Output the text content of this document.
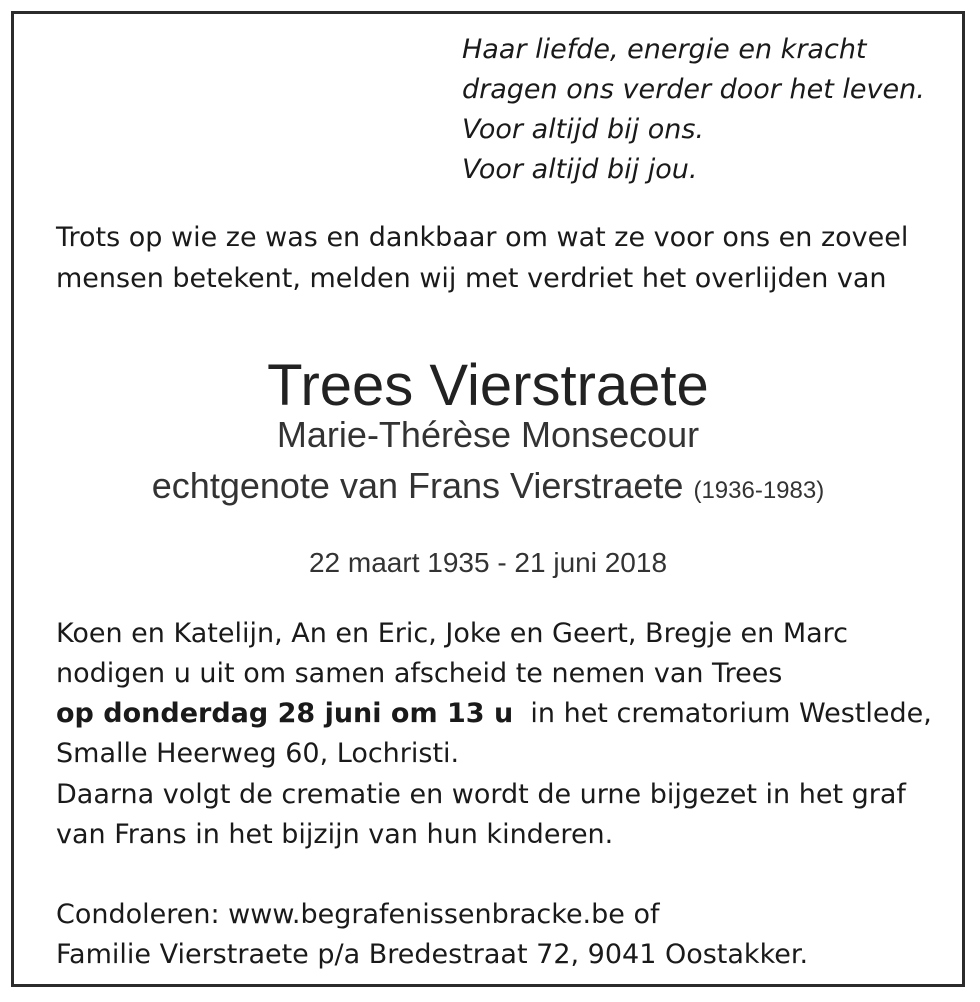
Haar liefde, energie en kracht

dragen ons verder door het leven.

Voor altijd bij ons.

Voor altijd bij jou.

Trots op wie ze was en dankbaar om wat ze voor ons en zoveel

mensen betekent, melden wij met verdriet het overlijden van

Trees Vierstraete

Marie-Thérèse Monsecour

echtgenote van Frans Vierstraete (1936-1983)

22 maart 1935 - 21 juni 2018

Koen en Katelijn, An en Eric, Joke en Geert, Bregje en Marc

nodigen u uit om samen afscheid te nemen van Trees

op donderdag 28 juni om 13 u in het crematorium Westlede,

Smalle Heerweg 60, Lochristi.

Daarna volgt de crematie en wordt de urne bijgezet in het graf

van Frans in het bijzijn van hun kinderen.

Condoleren: www.begrafenissenbracke.be of

Familie Vierstraete p/a Bredestraat 72, 9041 Oostakker.
